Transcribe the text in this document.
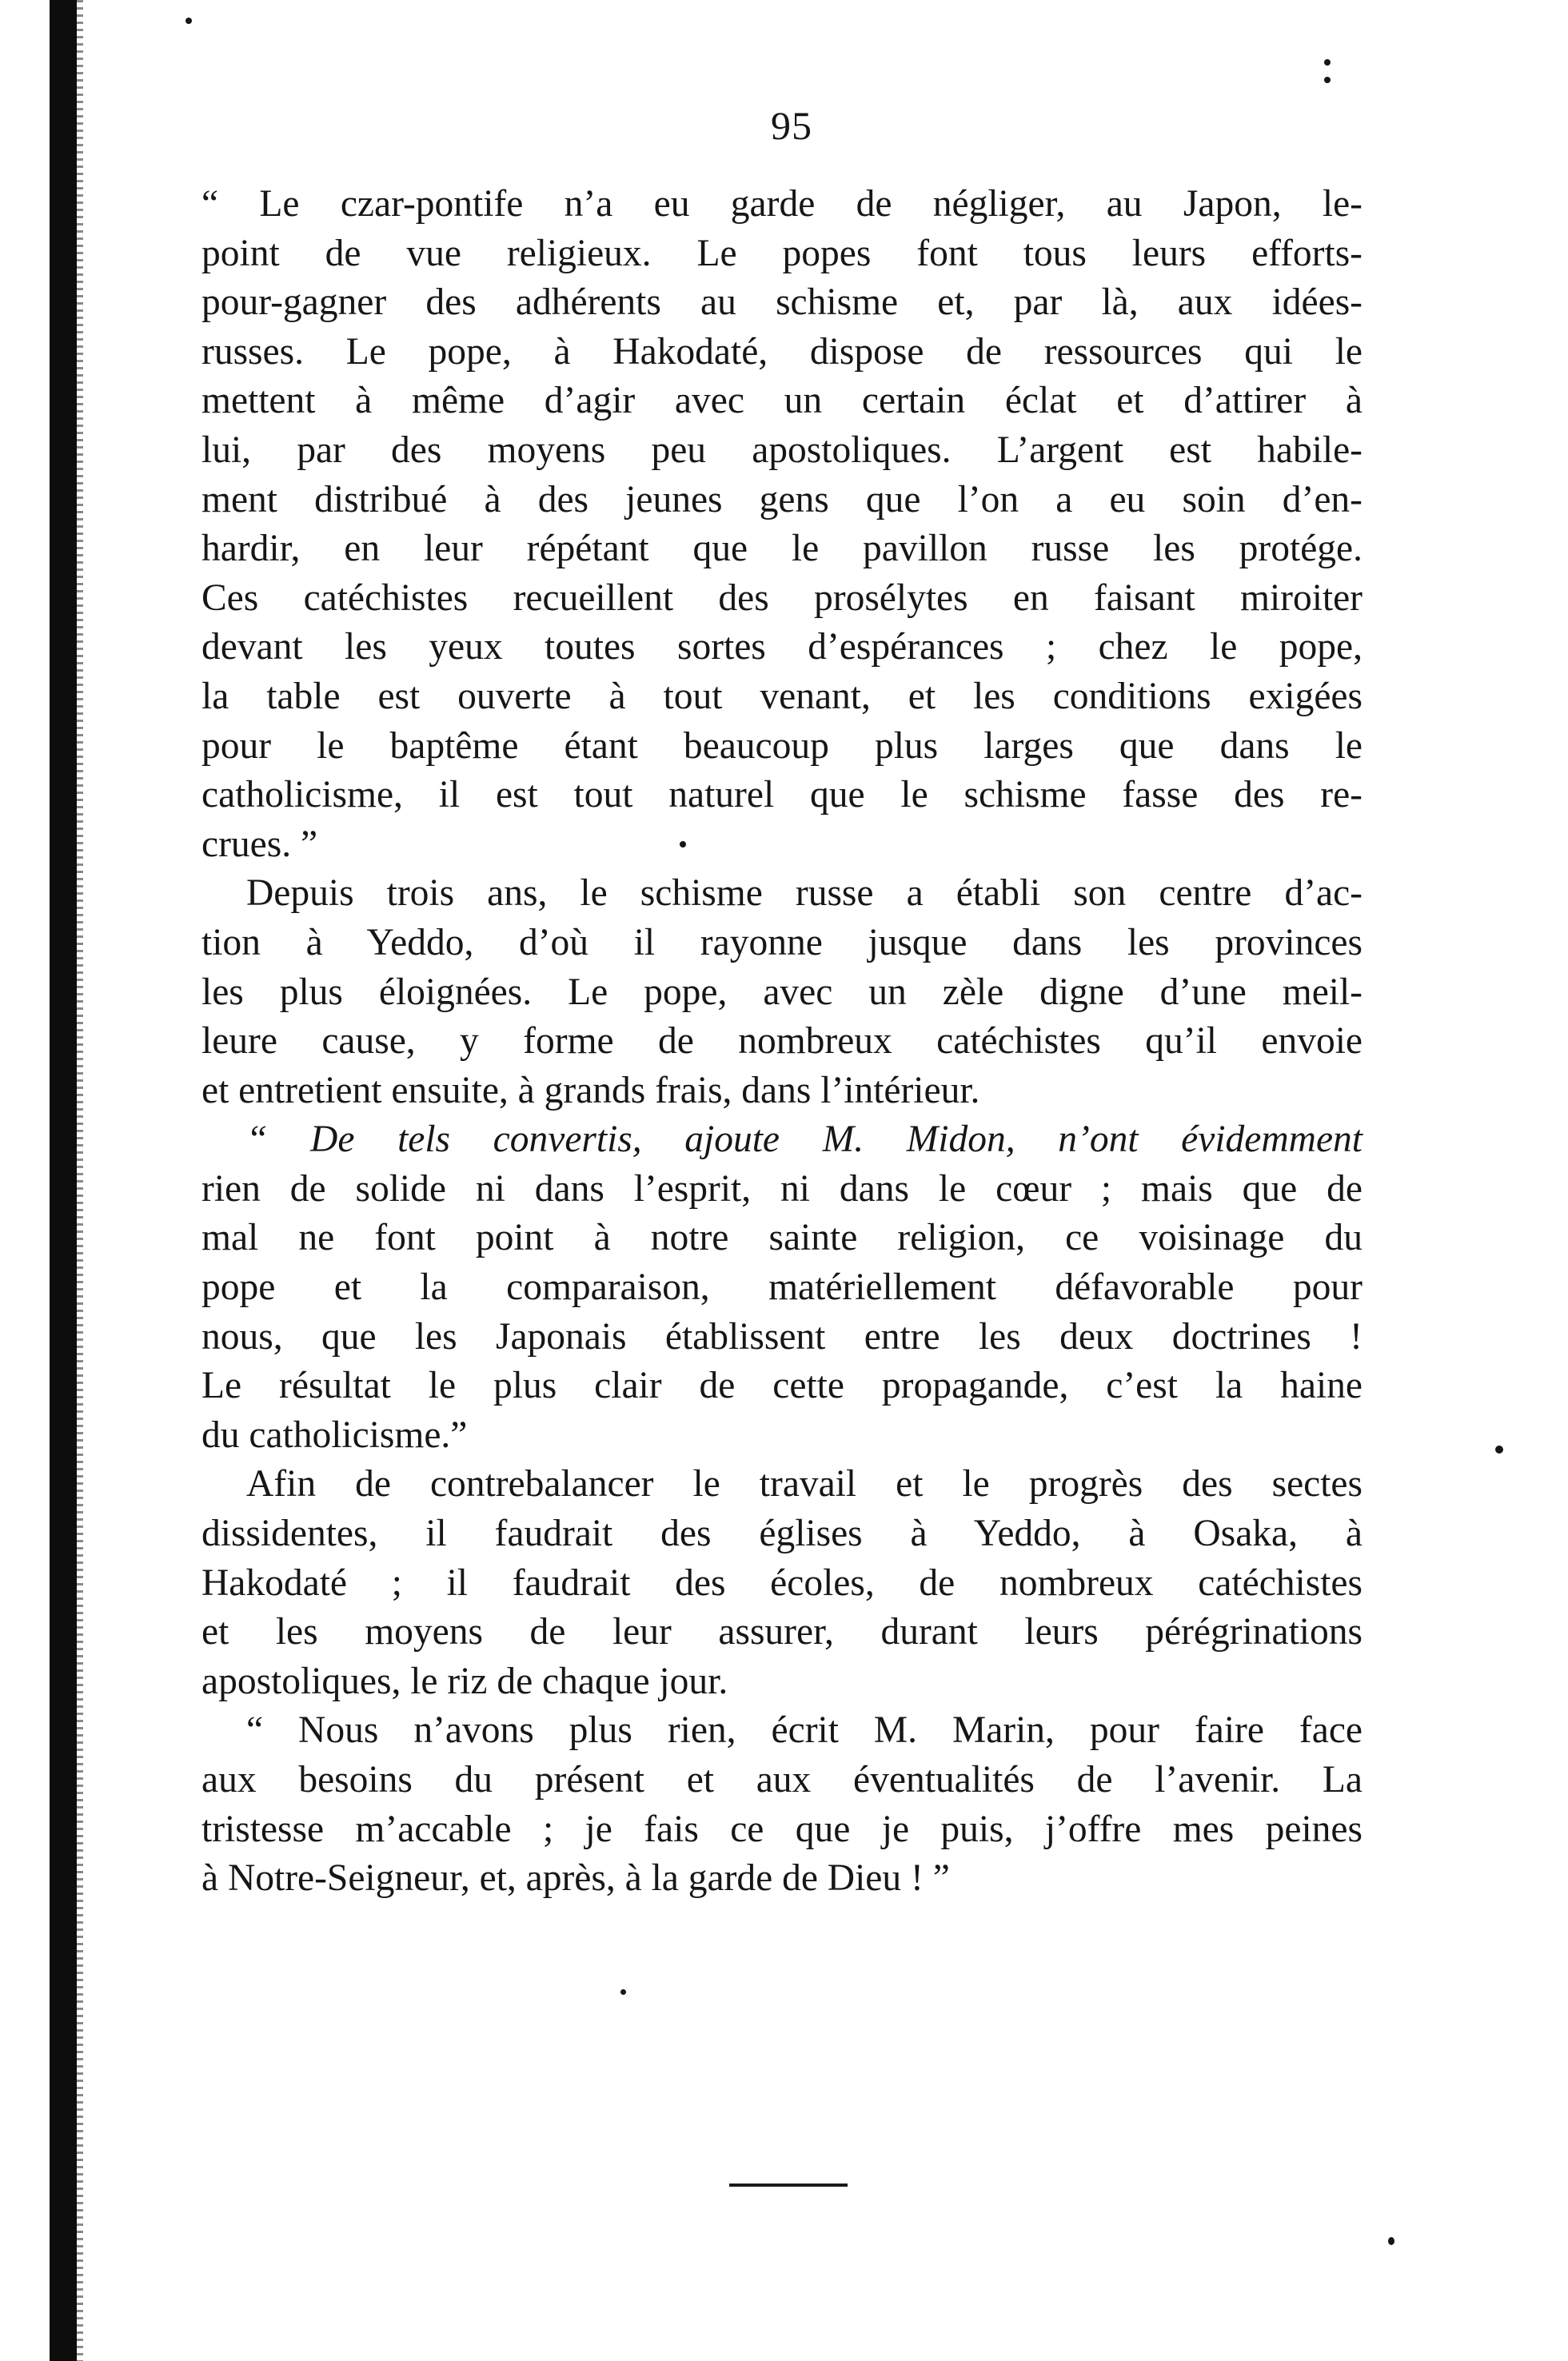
95
“ Le czar-pontife n’a eu garde de négliger, au Japon, le-
point de vue religieux. Le popes font tous leurs efforts-
pour-gagner des adhérents au schisme et, par là, aux idées-
russes. Le pope, à Hakodaté, dispose de ressources qui le
mettent à même d’agir avec un certain éclat et d’attirer à
lui, par des moyens peu apostoliques. L’argent est habile-
ment distribué à des jeunes gens que l’on a eu soin d’en-
hardir, en leur répétant que le pavillon russe les protége.
Ces catéchistes recueillent des prosélytes en faisant miroiter
devant les yeux toutes sortes d’espérances ; chez le pope,
la table est ouverte à tout venant, et les conditions exigées
pour le baptême étant beaucoup plus larges que dans le
catholicisme, il est tout naturel que le schisme fasse des re-
crues. ”
Depuis trois ans, le schisme russe a établi son centre d’ac-
tion à Yeddo, d’où il rayonne jusque dans les provinces
les plus éloignées. Le pope, avec un zèle digne d’une meil-
leure cause, y forme de nombreux catéchistes qu’il envoie
et entretient ensuite, à grands frais, dans l’intérieur.
“ De tels convertis, ajoute M. Midon, n’ont évidemment
rien de solide ni dans l’esprit, ni dans le cœur ; mais que de
mal ne font point à notre sainte religion, ce voisinage du
pope et la comparaison, matériellement défavorable pour
nous, que les Japonais établissent entre les deux doctrines !
Le résultat le plus clair de cette propagande, c’est la haine
du catholicisme.”
Afin de contrebalancer le travail et le progrès des sectes
dissidentes, il faudrait des églises à Yeddo, à Osaka, à
Hakodaté ; il faudrait des écoles, de nombreux catéchistes
et les moyens de leur assurer, durant leurs pérégrinations
apostoliques, le riz de chaque jour.
“ Nous n’avons plus rien, écrit M. Marin, pour faire face
aux besoins du présent et aux éventualités de l’avenir. La
tristesse m’accable ; je fais ce que je puis, j’offre mes peines
à Notre-Seigneur, et, après, à la garde de Dieu ! ”
